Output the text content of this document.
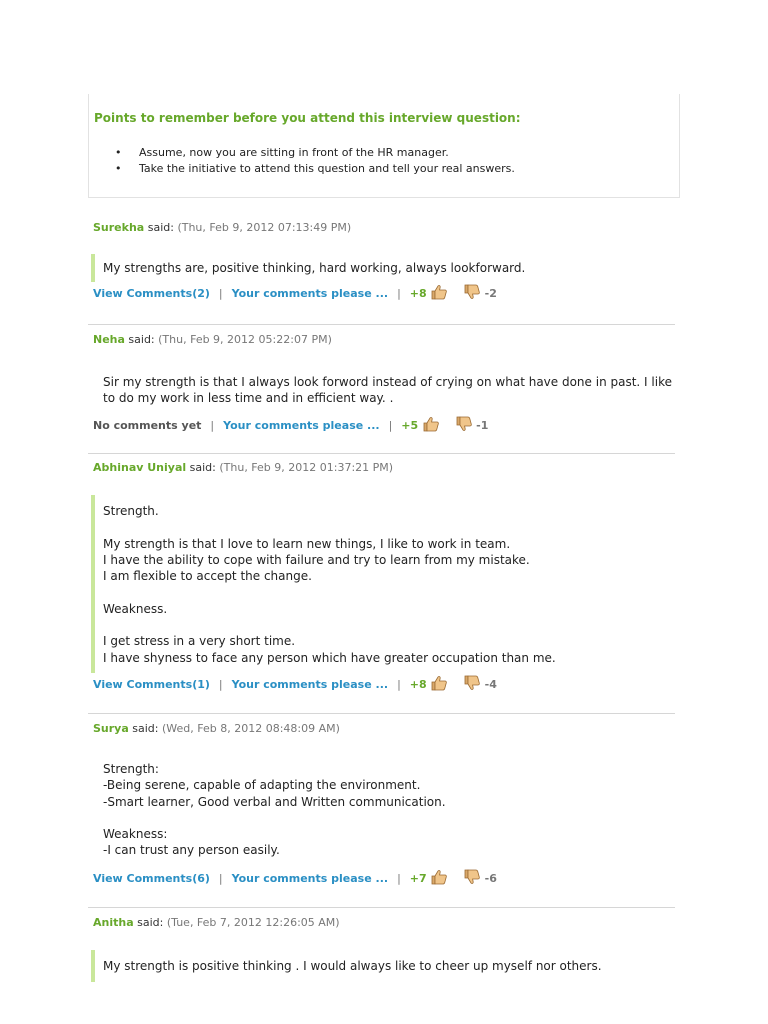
Points to remember before you attend this interview question:
• Assume, now you are sitting in front of the HR manager.
• Take the initiative to attend this question and tell your real answers.
Surekha said: (Thu, Feb 9, 2012 07:13:49 PM)

My strengths are, positive thinking, hard working, always lookforward.

View Comments(2) | Your comments please ... | +8	-2
Neha said: (Thu, Feb 9, 2012 05:22:07 PM)

Sir my strength is that I always look forword instead of crying on what have done in past. I like
to do my work in less time and in efficient way. .

No comments yet | Your comments please ... | +5	-1
Abhinav Uniyal said: (Thu, Feb 9, 2012 01:37:21 PM)

Strength.

My strength is that I love to learn new things, I like to work in team.
I have the ability to cope with failure and try to learn from my mistake.
I am flexible to accept the change.

Weakness.

I get stress in a very short time.
I have shyness to face any person which have greater occupation than me.

View Comments(1) | Your comments please ... | +8	-4
Surya said: (Wed, Feb 8, 2012 08:48:09 AM)

Strength:
-Being serene, capable of adapting the environment.
-Smart learner, Good verbal and Written communication.

Weakness:
-I can trust any person easily.

View Comments(6) | Your comments please ... | +7	-6
Anitha said: (Tue, Feb 7, 2012 12:26:05 AM)

My strength is positive thinking . I would always like to cheer up myself nor others.
